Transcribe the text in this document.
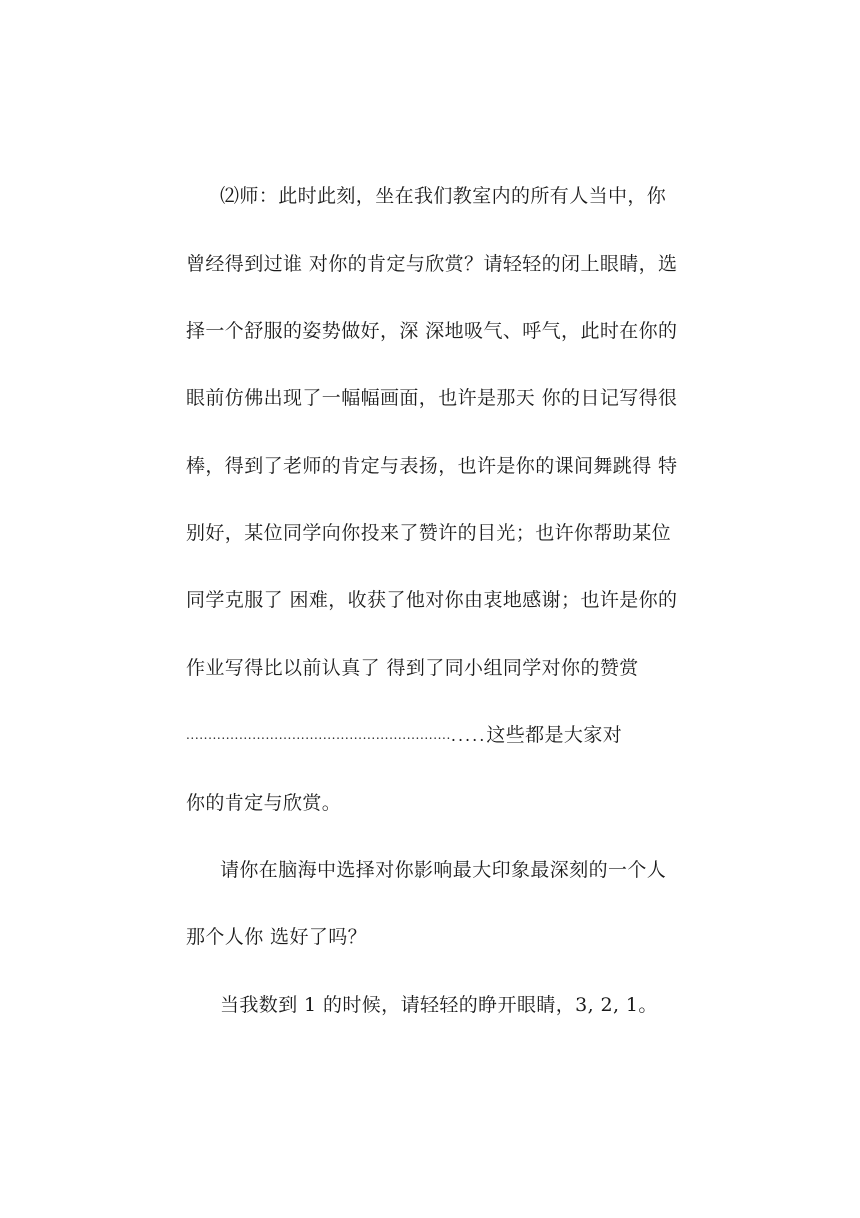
⑵师：此时此刻，坐在我们教室内的所有人当中，你
曾经得到过谁 对你的肯定与欣赏？请轻轻的闭上眼睛，选
择一个舒服的姿势做好，深 深地吸气、呼气，此时在你的
眼前仿佛出现了一幅幅画面，也许是那天 你的日记写得很
棒，得到了老师的肯定与表扬，也许是你的课间舞跳得 特
别好，某位同学向你投来了赞许的目光；也许你帮助某位
同学克服了 困难，收获了他对你由衷地感谢；也许是你的
作业写得比以前认真了 得到了同小组同学对你的赞赏
.................................................................这些都是大家对
你的肯定与欣赏。
请你在脑海中选择对你影响最大印象最深刻的一个人
那个人你 选好了吗？
当我数到 1 的时候，请轻轻的睁开眼睛，3, 2, 1。
